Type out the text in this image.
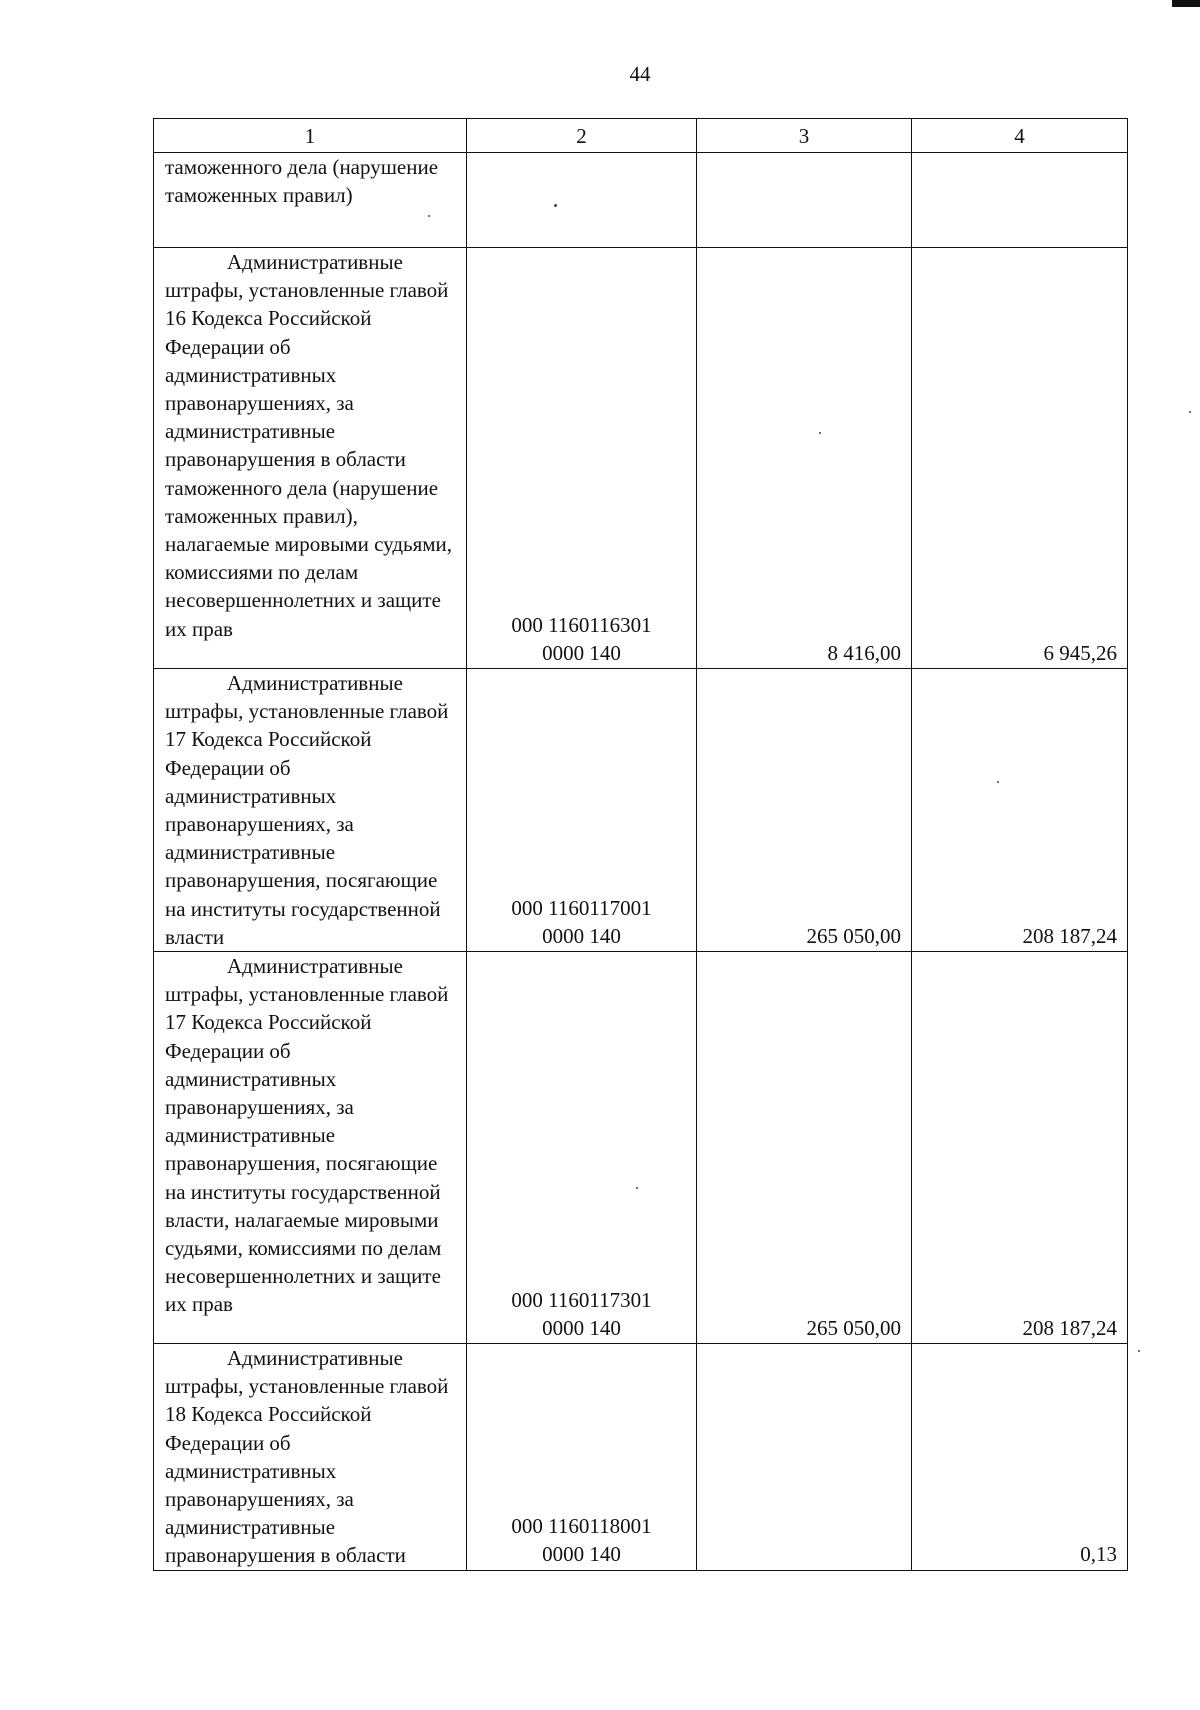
44
1	2	3	4

таможенного дела (нарушение таможенных правил)			

Административные штрафы, установленные главой 16 Кодекса Российской Федерации об административных правонарушениях, за административные правонарушения в области таможенного дела (нарушение таможенных правил), налагаемые мировыми судьями, комиссиями по делам несовершеннолетних и защите их прав	000 1160116301
0000 140	8 416,00	6 945,26

Административные штрафы, установленные главой 17 Кодекса Российской Федерации об административных правонарушениях, за административные правонарушения, посягающие на институты государственной власти	000 1160117001
0000 140	265 050,00	208 187,24

Административные штрафы, установленные главой 17 Кодекса Российской Федерации об административных правонарушениях, за административные правонарушения, посягающие на институты государственной власти, налагаемые мировыми судьями, комиссиями по делам несовершеннолетних и защите их прав	000 1160117301
0000 140	265 050,00	208 187,24

Административные штрафы, установленные главой 18 Кодекса Российской Федерации об административных правонарушениях, за административные правонарушения в области	000 1160118001
0000 140		0,13
